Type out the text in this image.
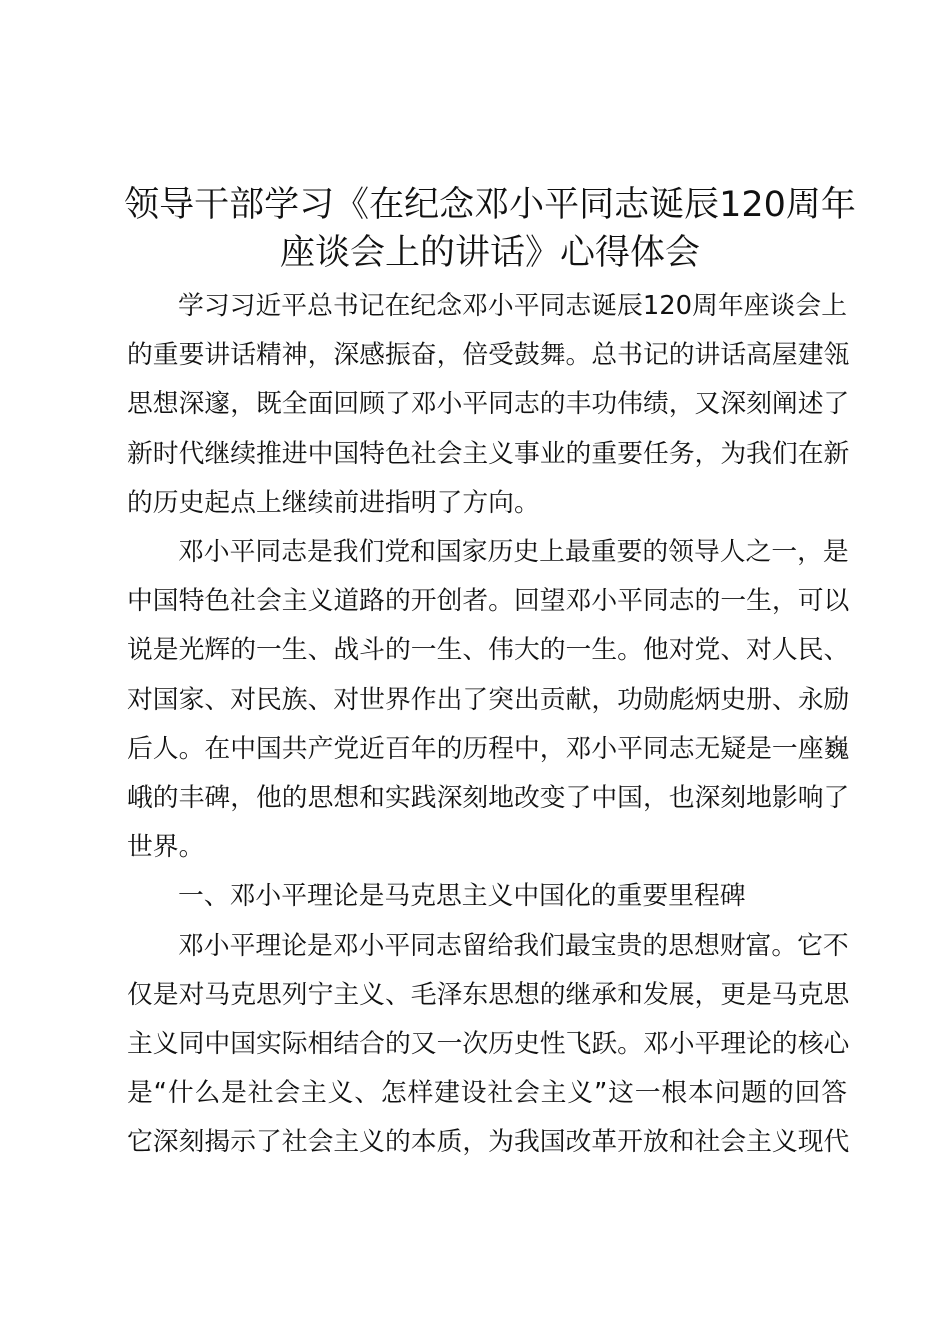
领导干部学习《在纪念邓小平同志诞辰120周年
座谈会上的讲话》心得体会
学习习近平总书记在纪念邓小平同志诞辰120周年座谈会上
的重要讲话精神，深感振奋，倍受鼓舞。总书记的讲话高屋建瓴
思想深邃，既全面回顾了邓小平同志的丰功伟绩，又深刻阐述了
新时代继续推进中国特色社会主义事业的重要任务，为我们在新
的历史起点上继续前进指明了方向。
邓小平同志是我们党和国家历史上最重要的领导人之一，是
中国特色社会主义道路的开创者。回望邓小平同志的一生，可以
说是光辉的一生、战斗的一生、伟大的一生。他对党、对人民、
对国家、对民族、对世界作出了突出贡献，功勋彪炳史册、永励
后人。在中国共产党近百年的历程中，邓小平同志无疑是一座巍
峨的丰碑，他的思想和实践深刻地改变了中国，也深刻地影响了
世界。
一、邓小平理论是马克思主义中国化的重要里程碑
邓小平理论是邓小平同志留给我们最宝贵的思想财富。它不
仅是对马克思列宁主义、毛泽东思想的继承和发展，更是马克思
主义同中国实际相结合的又一次历史性飞跃。邓小平理论的核心
是“什么是社会主义、怎样建设社会主义”这一根本问题的回答
它深刻揭示了社会主义的本质，为我国改革开放和社会主义现代
